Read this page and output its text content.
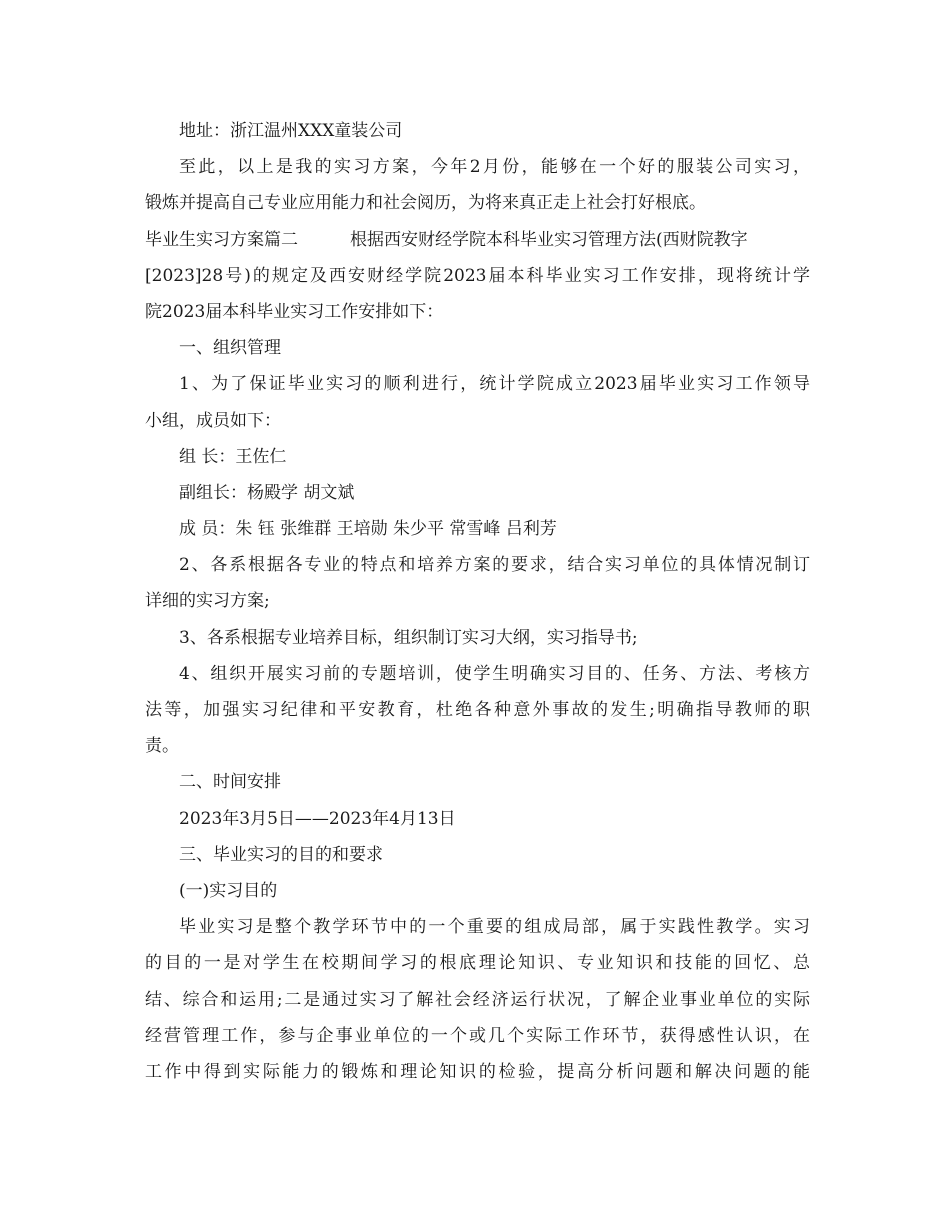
地址：浙江温州XXX童装公司
至此，以上是我的实习方案，今年2月份，能够在一个好的服装公司实习，
锻炼并提高自己专业应用能力和社会阅历，为将来真正走上社会打好根底。
毕业生实习方案篇二	根据西安财经学院本科毕业实习管理方法(西财院教字
[2023]28号)的规定及西安财经学院2023届本科毕业实习工作安排，现将统计学
院2023届本科毕业实习工作安排如下：
一、组织管理
1、为了保证毕业实习的顺利进行，统计学院成立2023届毕业实习工作领导
小组，成员如下：
组 长：王佐仁
副组长：杨殿学 胡文斌
成 员：朱 钰 张维群 王培勋 朱少平 常雪峰 吕利芳
2、各系根据各专业的特点和培养方案的要求，结合实习单位的具体情况制订
详细的实习方案;
3、各系根据专业培养目标，组织制订实习大纲，实习指导书;
4、组织开展实习前的专题培训，使学生明确实习目的、任务、方法、考核方
法等，加强实习纪律和平安教育，杜绝各种意外事故的发生;明确指导教师的职
责。
二、时间安排
2023年3月5日——2023年4月13日
三、毕业实习的目的和要求
(一)实习目的
毕业实习是整个教学环节中的一个重要的组成局部，属于实践性教学。实习
的目的一是对学生在校期间学习的根底理论知识、专业知识和技能的回忆、总
结、综合和运用;二是通过实习了解社会经济运行状况，了解企业事业单位的实际
经营管理工作，参与企事业单位的一个或几个实际工作环节，获得感性认识，在
工作中得到实际能力的锻炼和理论知识的检验，提高分析问题和解决问题的能
